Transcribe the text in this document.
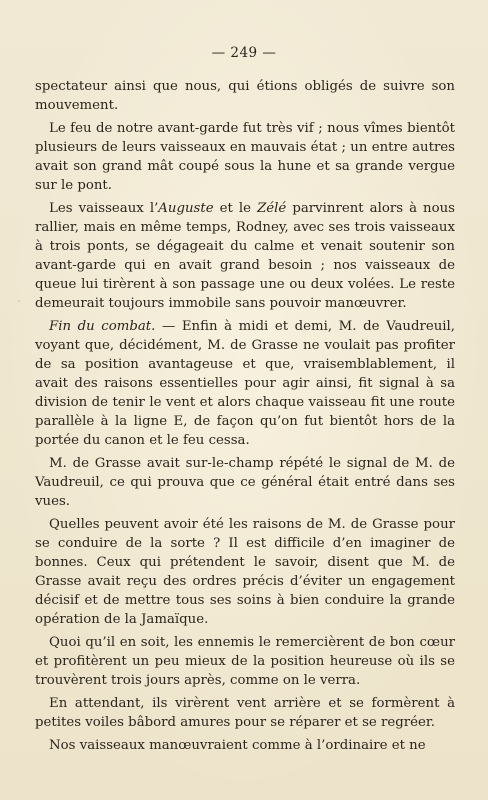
— 249 —

spectateur ainsi que nous, qui étions obligés de suivre son mouvement.

Le feu de notre avant-garde fut très vif ; nous vîmes bientôt plusieurs de leurs vaisseaux en mauvais état ; un entre autres avait son grand mât coupé sous la hune et sa grande vergue sur le pont.

Les vaisseaux l’Auguste et le Zélé parvinrent alors à nous rallier, mais en même temps, Rodney, avec ses trois vaisseaux à trois ponts, se dégageait du calme et venait soutenir son avant-garde qui en avait grand besoin ; nos vaisseaux de queue lui tirèrent à son passage une ou deux volées. Le reste demeurait toujours immobile sans pouvoir manœuvrer.

Fin du combat. — Enfin à midi et demi, M. de Vaudreuil, voyant que, décidément, M. de Grasse ne voulait pas profiter de sa position avantageuse et que, vraisemblablement, il avait des raisons essentielles pour agir ainsi, fit signal à sa division de tenir le vent et alors chaque vaisseau fit une route parallèle à la ligne E, de façon qu’on fut bientôt hors de la portée du canon et le feu cessa.

M. de Grasse avait sur-le-champ répété le signal de M. de Vaudreuil, ce qui prouva que ce général était entré dans ses vues.

Quelles peuvent avoir été les raisons de M. de Grasse pour se conduire de la sorte ? Il est difficile d’en imaginer de bonnes. Ceux qui prétendent le savoir, disent que M. de Grasse avait reçu des ordres précis d’éviter un engagement décisif et de mettre tous ses soins à bien conduire la grande opération de la Jamaïque.

Quoi qu’il en soit, les ennemis le remercièrent de bon cœur et profitèrent un peu mieux de la position heureuse où ils se trouvèrent trois jours après, comme on le verra.

En attendant, ils virèrent vent arrière et se formèrent à petites voiles bâbord amures pour se réparer et se regréer.

Nos vaisseaux manœuvraient comme à l’ordinaire et ne
